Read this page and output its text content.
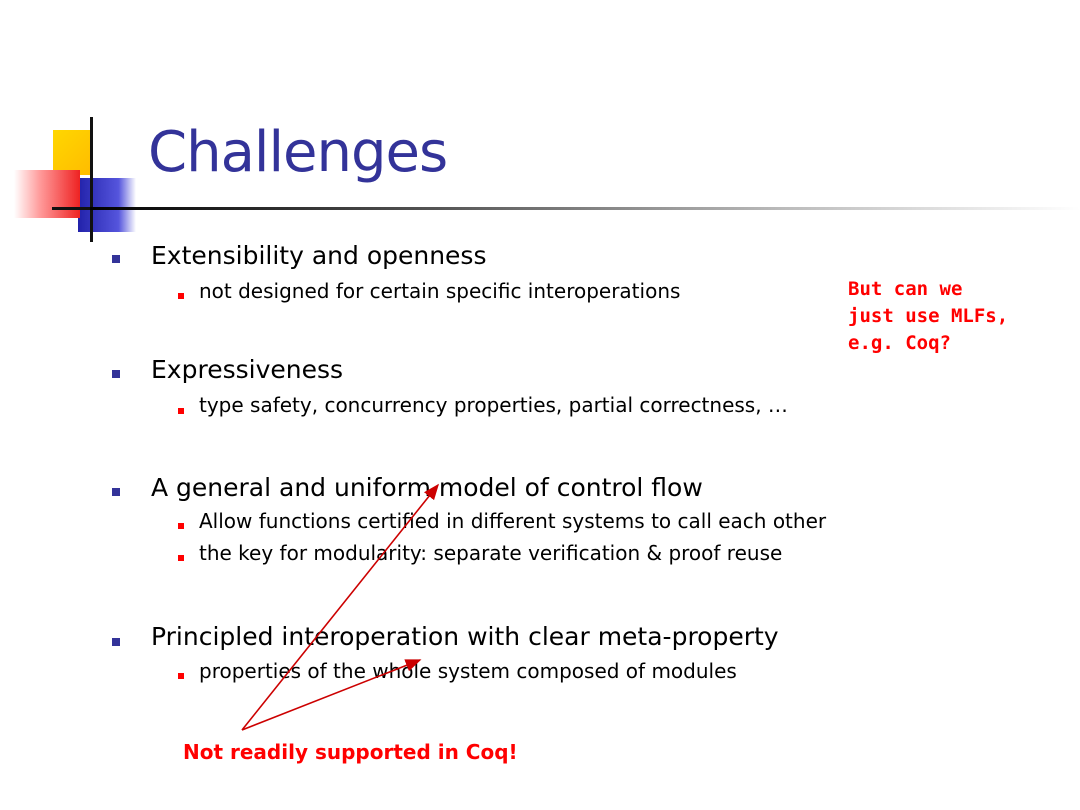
Challenges
Extensibility and openness
not designed for certain specific interoperations
Expressiveness
type safety, concurrency properties, partial correctness, …
A general and uniform model of control flow
Allow functions certified in different systems to call each other
the key for modularity: separate verification & proof reuse
Principled interoperation with clear meta-property
properties of the whole system composed of modules
But can we
just use MLFs,
e.g. Coq?
Not readily supported in Coq!
